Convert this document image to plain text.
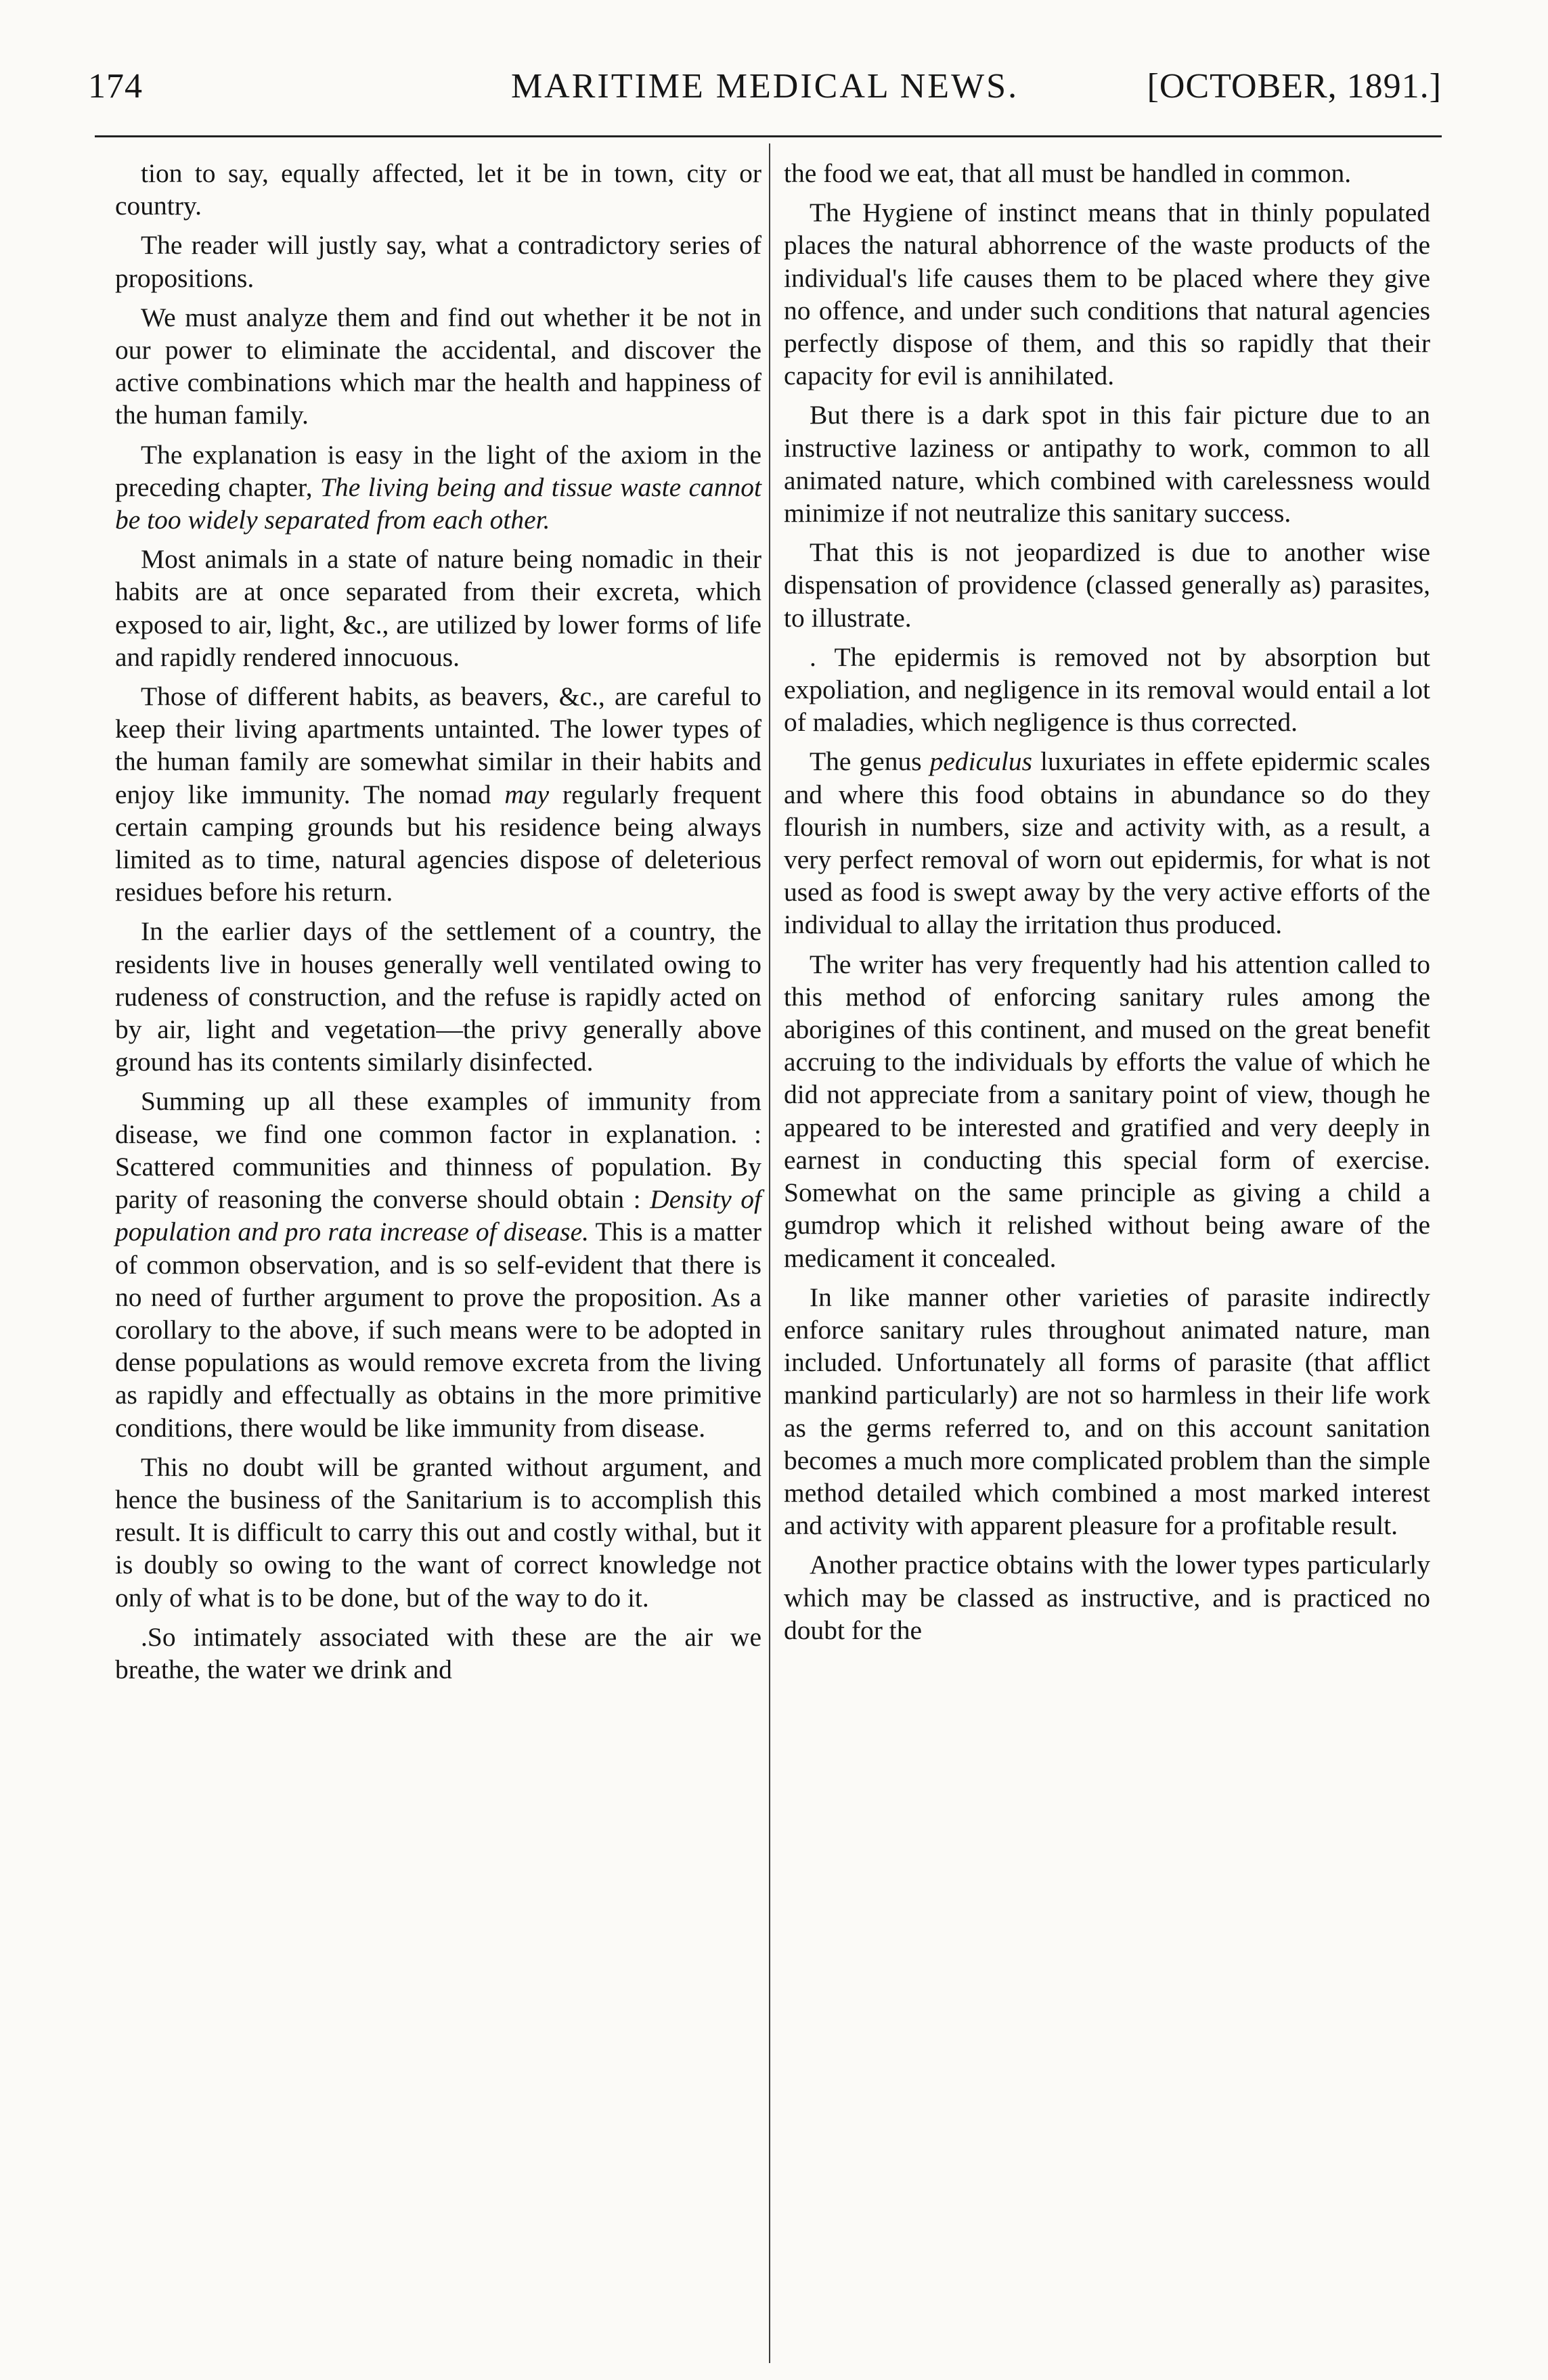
174	MARITIME MEDICAL NEWS.	[OCTOBER, 1891.]

tion to say, equally affected, let it be in town, city or country.

The reader will justly say, what a contradictory series of propositions.

We must analyze them and find out whether it be not in our power to eliminate the accidental, and discover the active combinations which mar the health and happiness of the human family.

The explanation is easy in the light of the axiom in the preceding chapter, The living being and tissue waste cannot be too widely separated from each other.

Most animals in a state of nature being nomadic in their habits are at once separated from their excreta, which exposed to air, light, &c., are utilized by lower forms of life and rapidly rendered innocuous.

Those of different habits, as beavers, &c., are careful to keep their living apartments untainted. The lower types of the human family are somewhat similar in their habits and enjoy like immunity. The nomad may regularly frequent certain camping grounds but his residence being always limited as to time, natural agencies dispose of deleterious residues before his return.

In the earlier days of the settlement of a country, the residents live in houses generally well ventilated owing to rudeness of construction, and the refuse is rapidly acted on by air, light and vegetation—the privy generally above ground has its contents similarly disinfected.

Summing up all these examples of immunity from disease, we find one common factor in explanation. : Scattered communities and thinness of population. By parity of reasoning the converse should obtain : Density of population and pro rata increase of disease. This is a matter of common observation, and is so self-evident that there is no need of further argument to prove the proposition. As a corollary to the above, if such means were to be adopted in dense populations as would remove excreta from the living as rapidly and effectually as obtains in the more primitive conditions, there would be like immunity from disease.

This no doubt will be granted without argument, and hence the business of the Sanitarium is to accomplish this result. It is difficult to carry this out and costly withal, but it is doubly so owing to the want of correct knowledge not only of what is to be done, but of the way to do it.

.So intimately associated with these are the air we breathe, the water we drink and

the food we eat, that all must be handled in common.

The Hygiene of instinct means that in thinly populated places the natural abhorrence of the waste products of the individual's life causes them to be placed where they give no offence, and under such conditions that natural agencies perfectly dispose of them, and this so rapidly that their capacity for evil is annihilated.

But there is a dark spot in this fair picture due to an instructive laziness or antipathy to work, common to all animated nature, which combined with carelessness would minimize if not neutralize this sanitary success.

That this is not jeopardized is due to another wise dispensation of providence (classed generally as) parasites, to illustrate.

. The epidermis is removed not by absorption but expoliation, and negligence in its removal would entail a lot of maladies, which negligence is thus corrected.

The genus pediculus luxuriates in effete epidermic scales and where this food obtains in abundance so do they flourish in numbers, size and activity with, as a result, a very perfect removal of worn out epidermis, for what is not used as food is swept away by the very active efforts of the individual to allay the irritation thus produced.

The writer has very frequently had his attention called to this method of enforcing sanitary rules among the aborigines of this continent, and mused on the great benefit accruing to the individuals by efforts the value of which he did not appreciate from a sanitary point of view, though he appeared to be interested and gratified and very deeply in earnest in conducting this special form of exercise. Somewhat on the same principle as giving a child a gumdrop which it relished without being aware of the medicament it concealed.

In like manner other varieties of parasite indirectly enforce sanitary rules throughout animated nature, man included. Unfortunately all forms of parasite (that afflict mankind particularly) are not so harmless in their life work as the germs referred to, and on this account sanitation becomes a much more complicated problem than the simple method detailed which combined a most marked interest and activity with apparent pleasure for a profitable result.

Another practice obtains with the lower types particularly which may be classed as instructive, and is practiced no doubt for the
